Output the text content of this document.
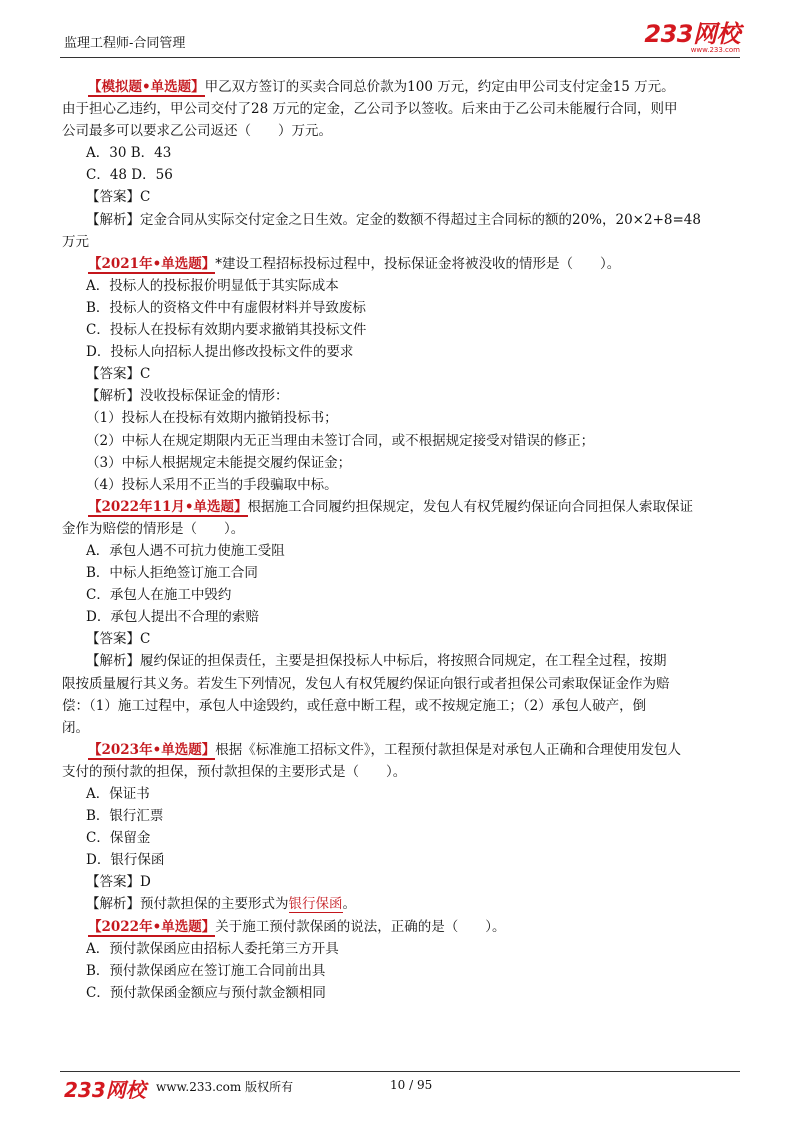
监理工程师-合同管理	233网校
www.233.com
【模拟题•单选题】甲乙双方签订的买卖合同总价款为100 万元，约定由甲公司支付定金15 万元。
由于担心乙违约，甲公司交付了28 万元的定金，乙公司予以签收。后来由于乙公司未能履行合同，则甲
公司最多可以要求乙公司返还（　　）万元。
A．30 B．43
C．48 D．56
【答案】C
【解析】定金合同从实际交付定金之日生效。定金的数额不得超过主合同标的额的20%，20×2+8=48
万元
【2021年•单选题】*建设工程招标投标过程中，投标保证金将被没收的情形是（　　）。
A．投标人的投标报价明显低于其实际成本
B．投标人的资格文件中有虚假材料并导致废标
C．投标人在投标有效期内要求撤销其投标文件
D．投标人向招标人提出修改投标文件的要求
【答案】C
【解析】没收投标保证金的情形：
（1）投标人在投标有效期内撤销投标书；
（2）中标人在规定期限内无正当理由未签订合同，或不根据规定接受对错误的修正；
（3）中标人根据规定未能提交履约保证金；
（4）投标人采用不正当的手段骗取中标。
【2022年11月•单选题】根据施工合同履约担保规定，发包人有权凭履约保证向合同担保人索取保证
金作为赔偿的情形是（　　）。
A．承包人遇不可抗力使施工受阻
B．中标人拒绝签订施工合同
C．承包人在施工中毁约
D．承包人提出不合理的索赔
【答案】C
【解析】履约保证的担保责任，主要是担保投标人中标后，将按照合同规定，在工程全过程，按期
限按质量履行其义务。若发生下列情况，发包人有权凭履约保证向银行或者担保公司索取保证金作为赔
偿：（1）施工过程中，承包人中途毁约，或任意中断工程，或不按规定施工；（2）承包人破产，倒
闭。
【2023年•单选题】根据《标准施工招标文件》，工程预付款担保是对承包人正确和合理使用发包人
支付的预付款的担保，预付款担保的主要形式是（　　）。
A．保证书
B．银行汇票
C．保留金
D．银行保函
【答案】D
【解析】预付款担保的主要形式为银行保函。
【2022年•单选题】关于施工预付款保函的说法，正确的是（　　）。
A．预付款保函应由招标人委托第三方开具
B．预付款保函应在签订施工合同前出具
C．预付款保函金额应与预付款金额相同
233网校 www.233.com 版权所有	10 / 95
